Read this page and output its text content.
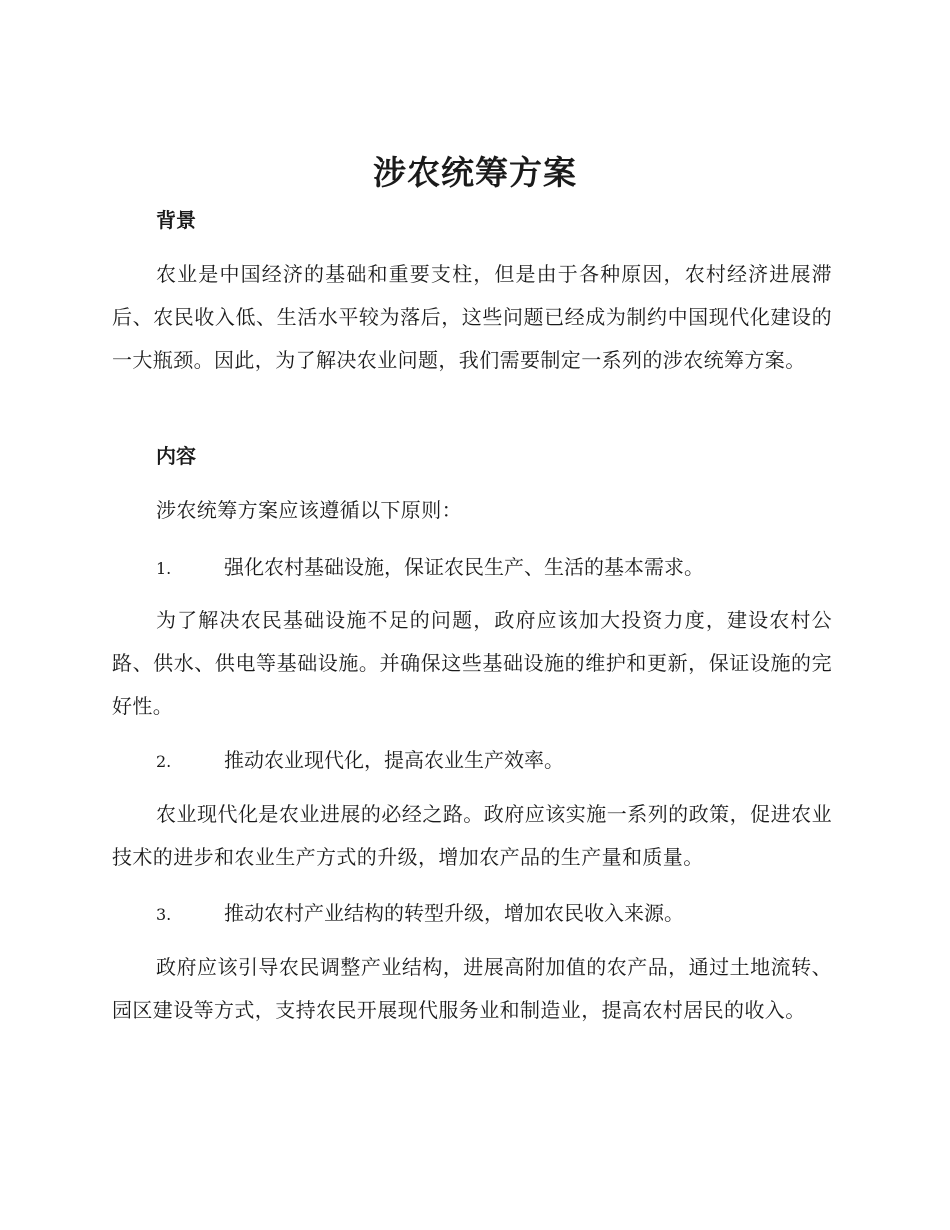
涉农统筹方案
背景

农业是中国经济的基础和重要支柱，但是由于各种原因，农村经济进展滞后、农民收入低、生活水平较为落后，这些问题已经成为制约中国现代化建设的一大瓶颈。因此，为了解决农业问题，我们需要制定一系列的涉农统筹方案。

内容

涉农统筹方案应该遵循以下原则：

1.	强化农村基础设施，保证农民生产、生活的基本需求。

为了解决农民基础设施不足的问题，政府应该加大投资力度，建设农村公路、供水、供电等基础设施。并确保这些基础设施的维护和更新，保证设施的完好性。

2.	推动农业现代化，提高农业生产效率。

农业现代化是农业进展的必经之路。政府应该实施一系列的政策，促进农业技术的进步和农业生产方式的升级，增加农产品的生产量和质量。

3.	推动农村产业结构的转型升级，增加农民收入来源。

政府应该引导农民调整产业结构，进展高附加值的农产品，通过土地流转、园区建设等方式，支持农民开展现代服务业和制造业，提高农村居民的收入。
